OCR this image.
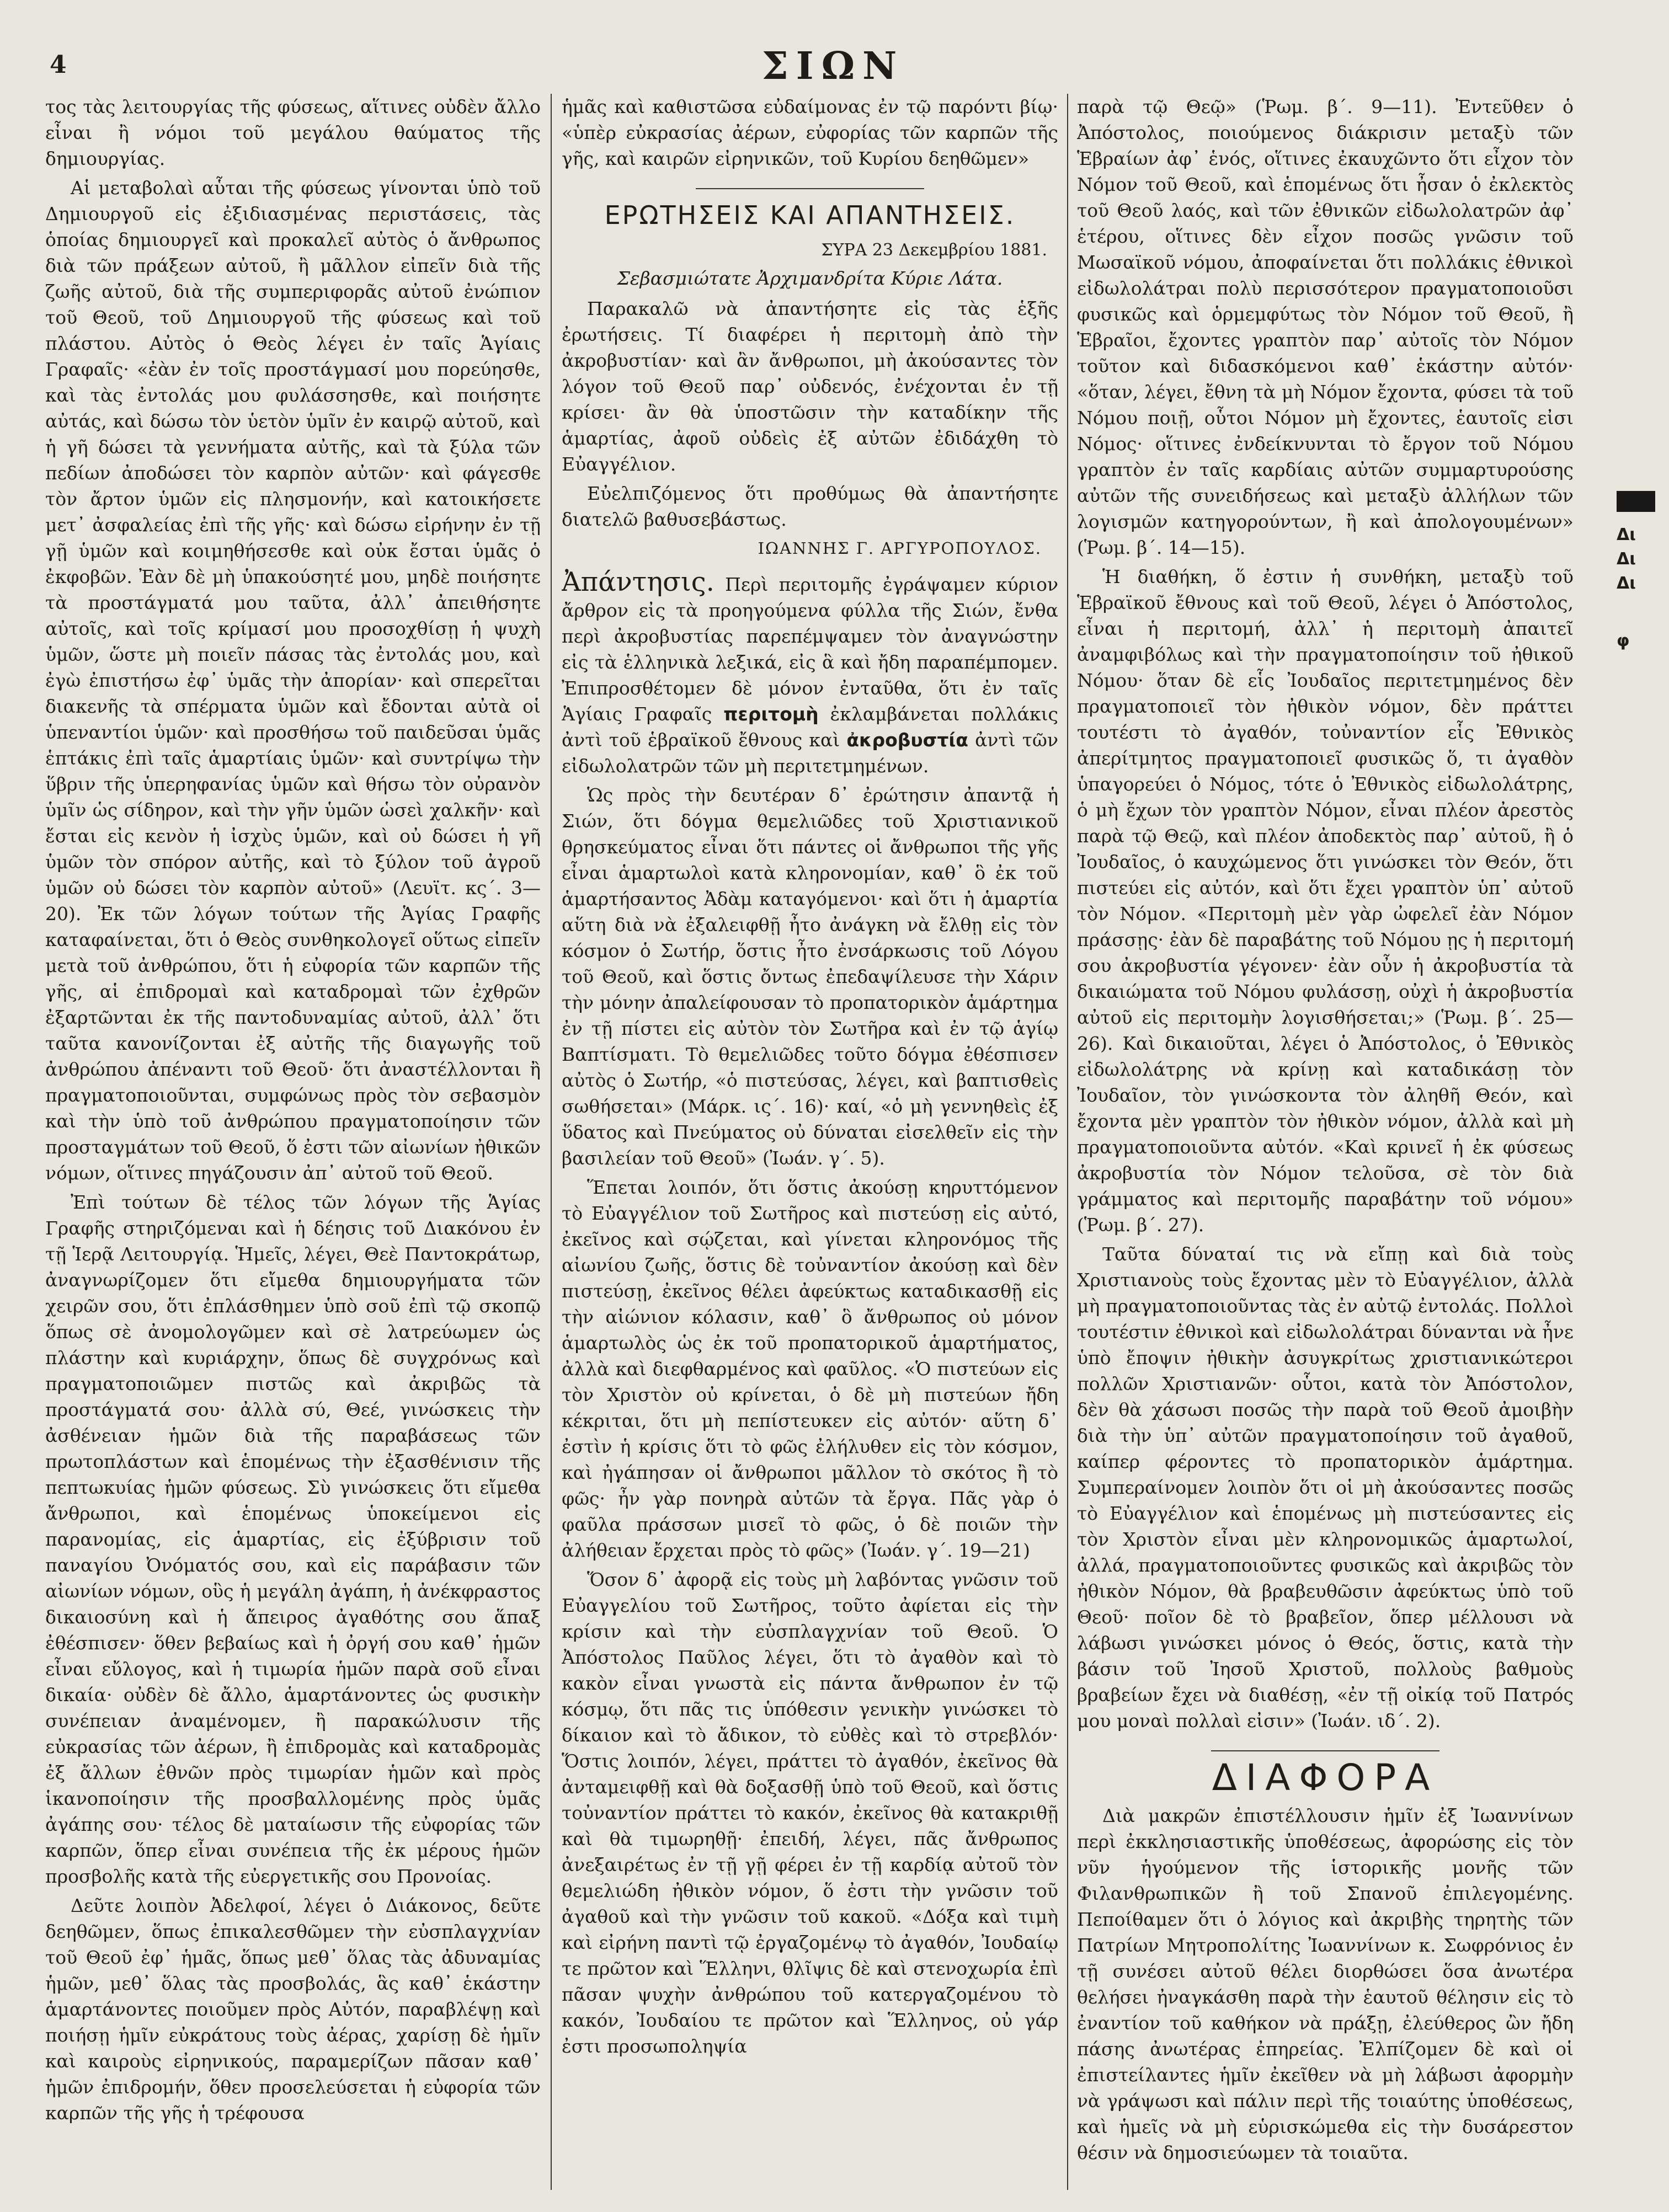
4	ΣΙΩΝ

τος τὰς λειτουργίας τῆς φύσεως, αἵτινες οὐδὲν ἄλλο εἶναι ἢ νόμοι τοῦ μεγάλου θαύματος τῆς δημιουργίας.

Αἱ μεταβολαὶ αὗται τῆς φύσεως γίνονται ὑπὸ τοῦ Δημιουργοῦ εἰς ἐξιδιασμένας περιστάσεις, τὰς ὁποίας δημιουργεῖ καὶ προκαλεῖ αὐτὸς ὁ ἄνθρωπος διὰ τῶν πράξεων αὐτοῦ, ἢ μᾶλλον εἰπεῖν διὰ τῆς ζωῆς αὐτοῦ, διὰ τῆς συμπεριφορᾶς αὐτοῦ ἐνώπιον τοῦ Θεοῦ, τοῦ Δημιουργοῦ τῆς φύσεως καὶ τοῦ πλάστου. Αὐτὸς ὁ Θεὸς λέγει ἐν ταῖς Ἁγίαις Γραφαῖς· «ἐὰν ἐν τοῖς προστάγμασί μου πορεύησθε, καὶ τὰς ἐντολάς μου φυλάσσησθε, καὶ ποιήσητε αὐτάς, καὶ δώσω τὸν ὑετὸν ὑμῖν ἐν καιρῷ αὐτοῦ, καὶ ἡ γῆ δώσει τὰ γεννήματα αὐτῆς, καὶ τὰ ξύλα τῶν πεδίων ἀποδώσει τὸν καρπὸν αὐτῶν· καὶ φάγεσθε τὸν ἄρτον ὑμῶν εἰς πλησμονήν, καὶ κατοικήσετε μετ᾽ ἀσφαλείας ἐπὶ τῆς γῆς· καὶ δώσω εἰρήνην ἐν τῇ γῇ ὑμῶν καὶ κοιμηθήσεσθε καὶ οὐκ ἔσται ὑμᾶς ὁ ἐκφοβῶν. Ἐὰν δὲ μὴ ὑπακούσητέ μου, μηδὲ ποιήσητε τὰ προστάγματά μου ταῦτα, ἀλλ᾽ ἀπειθήσητε αὐτοῖς, καὶ τοῖς κρίμασί μου προσοχθίσῃ ἡ ψυχὴ ὑμῶν, ὥστε μὴ ποιεῖν πάσας τὰς ἐντολάς μου, καὶ ἐγὼ ἐπιστήσω ἐφ᾽ ὑμᾶς τὴν ἀπορίαν· καὶ σπερεῖται διακενῆς τὰ σπέρματα ὑμῶν καὶ ἔδονται αὐτὰ οἱ ὑπεναντίοι ὑμῶν· καὶ προσθήσω τοῦ παιδεῦσαι ὑμᾶς ἑπτάκις ἐπὶ ταῖς ἁμαρτίαις ὑμῶν· καὶ συντρίψω τὴν ὕβριν τῆς ὑπερηφανίας ὑμῶν καὶ θήσω τὸν οὐρανὸν ὑμῖν ὡς σίδηρον, καὶ τὴν γῆν ὑμῶν ὡσεὶ χαλκῆν· καὶ ἔσται εἰς κενὸν ἡ ἰσχὺς ὑμῶν, καὶ οὐ δώσει ἡ γῆ ὑμῶν τὸν σπόρον αὐτῆς, καὶ τὸ ξύλον τοῦ ἀγροῦ ὑμῶν οὐ δώσει τὸν καρπὸν αὐτοῦ» (Λευϊτ. κς΄. 3—20). Ἐκ τῶν λόγων τούτων τῆς Ἁγίας Γραφῆς καταφαίνεται, ὅτι ὁ Θεὸς συνθηκολογεῖ οὕτως εἰπεῖν μετὰ τοῦ ἀνθρώπου, ὅτι ἡ εὐφορία τῶν καρπῶν τῆς γῆς, αἱ ἐπιδρομαὶ καὶ καταδρομαὶ τῶν ἐχθρῶν ἐξαρτῶνται ἐκ τῆς παντοδυναμίας αὐτοῦ, ἀλλ᾽ ὅτι ταῦτα κανονίζονται ἐξ αὐτῆς τῆς διαγωγῆς τοῦ ἀνθρώπου ἀπέναντι τοῦ Θεοῦ· ὅτι ἀναστέλλονται ἢ πραγματοποιοῦνται, συμφώνως πρὸς τὸν σεβασμὸν καὶ τὴν ὑπὸ τοῦ ἀνθρώπου πραγματοποίησιν τῶν προσταγμάτων τοῦ Θεοῦ, ὅ ἐστι τῶν αἰωνίων ἠθικῶν νόμων, οἵτινες πηγάζουσιν ἀπ᾽ αὐτοῦ τοῦ Θεοῦ.

Ἐπὶ τούτων δὲ τέλος τῶν λόγων τῆς Ἁγίας Γραφῆς στηριζόμεναι καὶ ἡ δέησις τοῦ Διακόνου ἐν τῇ Ἱερᾷ Λειτουργίᾳ. Ἡμεῖς, λέγει, Θεὲ Παντοκράτωρ, ἀναγνωρίζομεν ὅτι εἴμεθα δημιουργήματα τῶν χειρῶν σου, ὅτι ἐπλάσθημεν ὑπὸ σοῦ ἐπὶ τῷ σκοπῷ ὅπως σὲ ἀνομολογῶμεν καὶ σὲ λατρεύωμεν ὡς πλάστην καὶ κυριάρχην, ὅπως δὲ συγχρόνως καὶ πραγματοποιῶμεν πιστῶς καὶ ἀκριβῶς τὰ προστάγματά σου· ἀλλὰ σύ, Θεέ, γινώσκεις τὴν ἀσθένειαν ἡμῶν διὰ τῆς παραβάσεως τῶν πρωτοπλάστων καὶ ἑπομένως τὴν ἐξασθένισιν τῆς πεπτωκυίας ἡμῶν φύσεως. Σὺ γινώσκεις ὅτι εἴμεθα ἄνθρωποι, καὶ ἑπομένως ὑποκείμενοι εἰς παρανομίας, εἰς ἁμαρτίας, εἰς ἐξύβρισιν τοῦ παναγίου Ὀνόματός σου, καὶ εἰς παράβασιν τῶν αἰωνίων νόμων, οὓς ἡ μεγάλη ἀγάπη, ἡ ἀνέκφραστος δικαιοσύνη καὶ ἡ ἄπειρος ἀγαθότης σου ἅπαξ ἐθέσπισεν· ὅθεν βεβαίως καὶ ἡ ὀργή σου καθ᾽ ἡμῶν εἶναι εὔλογος, καὶ ἡ τιμωρία ἡμῶν παρὰ σοῦ εἶναι δικαία· οὐδὲν δὲ ἄλλο, ἁμαρτάνοντες ὡς φυσικὴν συνέπειαν ἀναμένομεν, ἢ παρακώλυσιν τῆς εὐκρασίας τῶν ἀέρων, ἢ ἐπιδρομὰς καὶ καταδρομὰς ἐξ ἄλλων ἐθνῶν πρὸς τιμωρίαν ἡμῶν καὶ πρὸς ἱκανοποίησιν τῆς προσβαλλομένης πρὸς ὑμᾶς ἀγάπης σου· τέλος δὲ ματαίωσιν τῆς εὐφορίας τῶν καρπῶν, ὅπερ εἶναι συνέπεια τῆς ἐκ μέρους ἡμῶν προσβολῆς κατὰ τῆς εὐεργετικῆς σου Προνοίας.

Δεῦτε λοιπὸν Ἀδελφοί, λέγει ὁ Διάκονος, δεῦτε δεηθῶμεν, ὅπως ἐπικαλεσθῶμεν τὴν εὐσπλαγχνίαν τοῦ Θεοῦ ἐφ᾽ ἡμᾶς, ὅπως μεθ᾽ ὅλας τὰς ἀδυναμίας ἡμῶν, μεθ᾽ ὅλας τὰς προσβολάς, ἃς καθ᾽ ἑκάστην ἁμαρτάνοντες ποιοῦμεν πρὸς Αὐτόν, παραβλέψῃ καὶ ποιήσῃ ἡμῖν εὐκράτους τοὺς ἀέρας, χαρίσῃ δὲ ἡμῖν καὶ καιροὺς εἰρηνικούς, παραμερίζων πᾶσαν καθ᾽ ἡμῶν ἐπιδρομήν, ὅθεν προσελεύσεται ἡ εὐφορία τῶν καρπῶν τῆς γῆς ἡ τρέφουσα

ἡμᾶς καὶ καθιστῶσα εὐδαίμονας ἐν τῷ παρόντι βίῳ· «ὑπὲρ εὐκρασίας ἀέρων, εὐφορίας τῶν καρπῶν τῆς γῆς, καὶ καιρῶν εἰρηνικῶν, τοῦ Κυρίου δεηθῶμεν»

ΕΡΩΤΗΣΕΙΣ ΚΑΙ ΑΠΑΝΤΗΣΕΙΣ.
ΣΥΡΑ 23 Δεκεμβρίου 1881.
Σεβασμιώτατε Ἀρχιμανδρίτα Κύριε Λάτα.

Παρακαλῶ νὰ ἀπαντήσητε εἰς τὰς ἑξῆς ἐρωτήσεις. Τί διαφέρει ἡ περιτομὴ ἀπὸ τὴν ἀκροβυστίαν· καὶ ἂν ἄνθρωποι, μὴ ἀκούσαντες τὸν λόγον τοῦ Θεοῦ παρ᾽ οὐδενός, ἐνέχονται ἐν τῇ κρίσει· ἂν θὰ ὑποστῶσιν τὴν καταδίκην τῆς ἁμαρτίας, ἀφοῦ οὐδεὶς ἐξ αὐτῶν ἐδιδάχθη τὸ Εὐαγγέλιον.

Εὐελπιζόμενος ὅτι προθύμως θὰ ἀπαντήσητε διατελῶ βαθυσεβάστως.

ΙΩΑΝΝΗΣ Γ. ΑΡΓΥΡΟΠΟΥΛΟΣ.

Ἀπάντησις. Περὶ περιτομῆς ἐγράψαμεν κύριον ἄρθρον εἰς τὰ προηγούμενα φύλλα τῆς Σιών, ἔνθα περὶ ἀκροβυστίας παρεπέμψαμεν τὸν ἀναγνώστην εἰς τὰ ἑλληνικὰ λεξικά, εἰς ἃ καὶ ἤδη παραπέμπομεν. Ἐπιπροσθέτομεν δὲ μόνον ἐνταῦθα, ὅτι ἐν ταῖς Ἁγίαις Γραφαῖς περιτομὴ ἐκλαμβάνεται πολλάκις ἀντὶ τοῦ ἑβραϊκοῦ ἔθνους καὶ ἀκροβυστία ἀντὶ τῶν εἰδωλολατρῶν τῶν μὴ περιτετμημένων.

Ὡς πρὸς τὴν δευτέραν δ᾽ ἐρώτησιν ἀπαντᾷ ἡ Σιών, ὅτι δόγμα θεμελιῶδες τοῦ Χριστιανικοῦ θρησκεύματος εἶναι ὅτι πάντες οἱ ἄνθρωποι τῆς γῆς εἶναι ἁμαρτωλοὶ κατὰ κληρονομίαν, καθ᾽ ὃ ἐκ τοῦ ἁμαρτήσαντος Ἀδὰμ καταγόμενοι· καὶ ὅτι ἡ ἁμαρτία αὕτη διὰ νὰ ἐξαλειφθῇ ἦτο ἀνάγκη νὰ ἔλθῃ εἰς τὸν κόσμον ὁ Σωτήρ, ὅστις ἦτο ἐνσάρκωσις τοῦ Λόγου τοῦ Θεοῦ, καὶ ὅστις ὄντως ἐπεδαψίλευσε τὴν Χάριν τὴν μόνην ἀπαλείφουσαν τὸ προπατορικὸν ἁμάρτημα ἐν τῇ πίστει εἰς αὐτὸν τὸν Σωτῆρα καὶ ἐν τῷ ἁγίῳ Βαπτίσματι. Τὸ θεμελιῶδες τοῦτο δόγμα ἐθέσπισεν αὐτὸς ὁ Σωτήρ, «ὁ πιστεύσας, λέγει, καὶ βαπτισθεὶς σωθήσεται» (Μάρκ. ις΄. 16)· καί, «ὁ μὴ γεννηθεὶς ἐξ ὕδατος καὶ Πνεύματος οὐ δύναται εἰσελθεῖν εἰς τὴν βασιλείαν τοῦ Θεοῦ» (Ἰωάν. γ΄. 5).

Ἕπεται λοιπόν, ὅτι ὅστις ἀκούσῃ κηρυττόμενον τὸ Εὐαγγέλιον τοῦ Σωτῆρος καὶ πιστεύσῃ εἰς αὐτό, ἐκεῖνος καὶ σῴζεται, καὶ γίνεται κληρονόμος τῆς αἰωνίου ζωῆς, ὅστις δὲ τοὐναντίον ἀκούσῃ καὶ δὲν πιστεύσῃ, ἐκεῖνος θέλει ἀφεύκτως καταδικασθῇ εἰς τὴν αἰώνιον κόλασιν, καθ᾽ ὃ ἄνθρωπος οὐ μόνον ἁμαρτωλὸς ὡς ἐκ τοῦ προπατορικοῦ ἁμαρτήματος, ἀλλὰ καὶ διεφθαρμένος καὶ φαῦλος. «Ὁ πιστεύων εἰς τὸν Χριστὸν οὐ κρίνεται, ὁ δὲ μὴ πιστεύων ἤδη κέκριται, ὅτι μὴ πεπίστευκεν εἰς αὐτόν· αὕτη δ᾽ ἐστὶν ἡ κρίσις ὅτι τὸ φῶς ἐλήλυθεν εἰς τὸν κόσμον, καὶ ἠγάπησαν οἱ ἄνθρωποι μᾶλλον τὸ σκότος ἢ τὸ φῶς· ἦν γὰρ πονηρὰ αὐτῶν τὰ ἔργα. Πᾶς γὰρ ὁ φαῦλα πράσσων μισεῖ τὸ φῶς, ὁ δὲ ποιῶν τὴν ἀλήθειαν ἔρχεται πρὸς τὸ φῶς» (Ἰωάν. γ΄. 19—21)

Ὅσον δ᾽ ἀφορᾷ εἰς τοὺς μὴ λαβόντας γνῶσιν τοῦ Εὐαγγελίου τοῦ Σωτῆρος, τοῦτο ἀφίεται εἰς τὴν κρίσιν καὶ τὴν εὐσπλαγχνίαν τοῦ Θεοῦ. Ὁ Ἀπόστολος Παῦλος λέγει, ὅτι τὸ ἀγαθὸν καὶ τὸ κακὸν εἶναι γνωστὰ εἰς πάντα ἄνθρωπον ἐν τῷ κόσμῳ, ὅτι πᾶς τις ὑπόθεσιν γενικὴν γινώσκει τὸ δίκαιον καὶ τὸ ἄδικον, τὸ εὐθὲς καὶ τὸ στρεβλόν· Ὅστις λοιπόν, λέγει, πράττει τὸ ἀγαθόν, ἐκεῖνος θὰ ἀνταμειφθῇ καὶ θὰ δοξασθῇ ὑπὸ τοῦ Θεοῦ, καὶ ὅστις τοὐναντίον πράττει τὸ κακόν, ἐκεῖνος θὰ κατακριθῇ καὶ θὰ τιμωρηθῇ· ἐπειδή, λέγει, πᾶς ἄνθρωπος ἀνεξαιρέτως ἐν τῇ γῇ φέρει ἐν τῇ καρδίᾳ αὐτοῦ τὸν θεμελιώδη ἠθικὸν νόμον, ὅ ἐστι τὴν γνῶσιν τοῦ ἀγαθοῦ καὶ τὴν γνῶσιν τοῦ κακοῦ. «Δόξα καὶ τιμὴ καὶ εἰρήνη παντὶ τῷ ἐργαζομένῳ τὸ ἀγαθόν, Ἰουδαίῳ τε πρῶτον καὶ Ἕλληνι, θλῖψις δὲ καὶ στενοχωρία ἐπὶ πᾶσαν ψυχὴν ἀνθρώπου τοῦ κατεργαζομένου τὸ κακόν, Ἰουδαίου τε πρῶτον καὶ Ἕλληνος, οὐ γάρ ἐστι προσωποληψία

παρὰ τῷ Θεῷ» (Ῥωμ. β΄. 9—11). Ἐντεῦθεν ὁ Ἀπόστολος, ποιούμενος διάκρισιν μεταξὺ τῶν Ἑβραίων ἀφ᾽ ἑνός, οἵτινες ἐκαυχῶντο ὅτι εἶχον τὸν Νόμον τοῦ Θεοῦ, καὶ ἑπομένως ὅτι ἦσαν ὁ ἐκλεκτὸς τοῦ Θεοῦ λαός, καὶ τῶν ἐθνικῶν εἰδωλολατρῶν ἀφ᾽ ἑτέρου, οἵτινες δὲν εἶχον ποσῶς γνῶσιν τοῦ Μωσαϊκοῦ νόμου, ἀποφαίνεται ὅτι πολλάκις ἐθνικοὶ εἰδωλολάτραι πολὺ περισσότερον πραγματοποιοῦσι φυσικῶς καὶ ὁρμεμφύτως τὸν Νόμον τοῦ Θεοῦ, ἢ Ἑβραῖοι, ἔχοντες γραπτὸν παρ᾽ αὐτοῖς τὸν Νόμον τοῦτον καὶ διδασκόμενοι καθ᾽ ἑκάστην αὐτόν· «ὅταν, λέγει, ἔθνη τὰ μὴ Νόμον ἔχοντα, φύσει τὰ τοῦ Νόμου ποιῇ, οὗτοι Νόμον μὴ ἔχοντες, ἑαυτοῖς εἰσι Νόμος· οἵτινες ἐνδείκνυνται τὸ ἔργον τοῦ Νόμου γραπτὸν ἐν ταῖς καρδίαις αὐτῶν συμμαρτυρούσης αὐτῶν τῆς συνειδήσεως καὶ μεταξὺ ἀλλήλων τῶν λογισμῶν κατηγορούντων, ἢ καὶ ἀπολογουμένων» (Ῥωμ. β΄. 14—15).

Ἡ διαθήκη, ὅ ἐστιν ἡ συνθήκη, μεταξὺ τοῦ Ἑβραϊκοῦ ἔθνους καὶ τοῦ Θεοῦ, λέγει ὁ Ἀπόστολος, εἶναι ἡ περιτομή, ἀλλ᾽ ἡ περιτομὴ ἀπαιτεῖ ἀναμφιβόλως καὶ τὴν πραγματοποίησιν τοῦ ἠθικοῦ Νόμου· ὅταν δὲ εἷς Ἰουδαῖος περιτετμημένος δὲν πραγματοποιεῖ τὸν ἠθικὸν νόμον, δὲν πράττει τουτέστι τὸ ἀγαθόν, τοὐναντίον εἷς Ἐθνικὸς ἀπερίτμητος πραγματοποιεῖ φυσικῶς ὅ, τι ἀγαθὸν ὑπαγορεύει ὁ Νόμος, τότε ὁ Ἐθνικὸς εἰδωλολάτρης, ὁ μὴ ἔχων τὸν γραπτὸν Νόμον, εἶναι πλέον ἀρεστὸς παρὰ τῷ Θεῷ, καὶ πλέον ἀποδεκτὸς παρ᾽ αὐτοῦ, ἢ ὁ Ἰουδαῖος, ὁ καυχώμενος ὅτι γινώσκει τὸν Θεόν, ὅτι πιστεύει εἰς αὐτόν, καὶ ὅτι ἔχει γραπτὸν ὑπ᾽ αὐτοῦ τὸν Νόμον. «Περιτομὴ μὲν γὰρ ὠφελεῖ ἐὰν Νόμον πράσσῃς· ἐὰν δὲ παραβάτης τοῦ Νόμου ῃς ἡ περιτομή σου ἀκροβυστία γέγονεν· ἐὰν οὖν ἡ ἀκροβυστία τὰ δικαιώματα τοῦ Νόμου φυλάσσῃ, οὐχὶ ἡ ἀκροβυστία αὐτοῦ εἰς περιτομὴν λογισθήσεται;» (Ῥωμ. β΄. 25—26). Καὶ δικαιοῦται, λέγει ὁ Ἀπόστολος, ὁ Ἐθνικὸς εἰδωλολάτρης νὰ κρίνῃ καὶ καταδικάσῃ τὸν Ἰουδαῖον, τὸν γινώσκοντα τὸν ἀληθῆ Θεόν, καὶ ἔχοντα μὲν γραπτὸν τὸν ἠθικὸν νόμον, ἀλλὰ καὶ μὴ πραγματοποιοῦντα αὐτόν. «Καὶ κρινεῖ ἡ ἐκ φύσεως ἀκροβυστία τὸν Νόμον τελοῦσα, σὲ τὸν διὰ γράμματος καὶ περιτομῆς παραβάτην τοῦ νόμου» (Ῥωμ. β΄. 27).

Ταῦτα δύναταί τις νὰ εἴπῃ καὶ διὰ τοὺς Χριστιανοὺς τοὺς ἔχοντας μὲν τὸ Εὐαγγέλιον, ἀλλὰ μὴ πραγματοποιοῦντας τὰς ἐν αὐτῷ ἐντολάς. Πολλοὶ τουτέστιν ἐθνικοὶ καὶ εἰδωλολάτραι δύνανται νὰ ἦνε ὑπὸ ἔποψιν ἠθικὴν ἀσυγκρίτως χριστιανικώτεροι πολλῶν Χριστιανῶν· οὗτοι, κατὰ τὸν Ἀπόστολον, δὲν θὰ χάσωσι ποσῶς τὴν παρὰ τοῦ Θεοῦ ἀμοιβὴν διὰ τὴν ὑπ᾽ αὐτῶν πραγματοποίησιν τοῦ ἀγαθοῦ, καίπερ φέροντες τὸ προπατορικὸν ἁμάρτημα. Συμπεραίνομεν λοιπὸν ὅτι οἱ μὴ ἀκούσαντες ποσῶς τὸ Εὐαγγέλιον καὶ ἑπομένως μὴ πιστεύσαντες εἰς τὸν Χριστὸν εἶναι μὲν κληρονομικῶς ἁμαρτωλοί, ἀλλά, πραγματοποιοῦντες φυσικῶς καὶ ἀκριβῶς τὸν ἠθικὸν Νόμον, θὰ βραβευθῶσιν ἀφεύκτως ὑπὸ τοῦ Θεοῦ· ποῖον δὲ τὸ βραβεῖον, ὅπερ μέλλουσι νὰ λάβωσι γινώσκει μόνος ὁ Θεός, ὅστις, κατὰ τὴν βάσιν τοῦ Ἰησοῦ Χριστοῦ, πολλοὺς βαθμοὺς βραβείων ἔχει νὰ διαθέσῃ, «ἐν τῇ οἰκίᾳ τοῦ Πατρός μου μοναὶ πολλαὶ εἰσιν» (Ἰωάν. ιδ΄. 2).

ΔΙΑΦΟΡΑ

Διὰ μακρῶν ἐπιστέλλουσιν ἡμῖν ἐξ Ἰωαννίνων περὶ ἐκκλησιαστικῆς ὑποθέσεως, ἀφορώσης εἰς τὸν νῦν ἡγούμενον τῆς ἱστορικῆς μονῆς τῶν Φιλανθρωπικῶν ἢ τοῦ Σπανοῦ ἐπιλεγομένης. Πεποίθαμεν ὅτι ὁ λόγιος καὶ ἀκριβὴς τηρητὴς τῶν Πατρίων Μητροπολίτης Ἰωαννίνων κ. Σωφρόνιος ἐν τῇ συνέσει αὐτοῦ θέλει διορθώσει ὅσα ἀνωτέρα θελήσει ἠναγκάσθη παρὰ τὴν ἑαυτοῦ θέλησιν εἰς τὸ ἐναντίον τοῦ καθήκον νὰ πράξῃ, ἐλεύθερος ὢν ἤδη πάσης ἀνωτέρας ἐπηρείας. Ἐλπίζομεν δὲ καὶ οἱ ἐπιστείλαντες ἡμῖν ἐκεῖθεν νὰ μὴ λάβωσι ἀφορμὴν νὰ γράψωσι καὶ πάλιν περὶ τῆς τοιαύτης ὑποθέσεως, καὶ ἡμεῖς νὰ μὴ εὑρισκώμεθα εἰς τὴν δυσάρεστον θέσιν νὰ δημοσιεύωμεν τὰ τοιαῦτα.

Δι
Δι
Δι
φ
